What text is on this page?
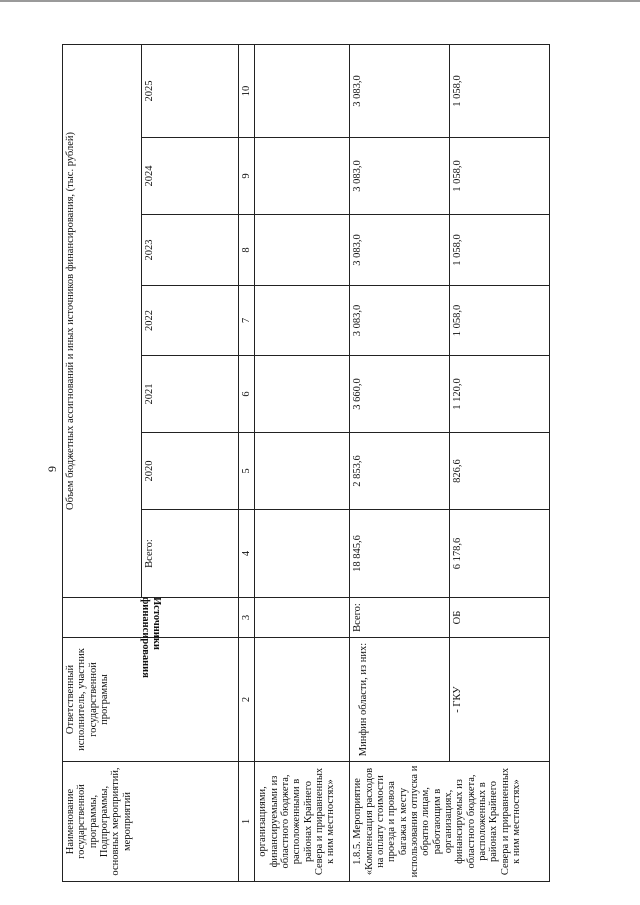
9
Наименование государственной программы, Подпрограммы, основных мероприятий, мероприятий	Ответственный исполнитель, участник государственной программы	Источники финансирования	Объем бюджетных ассигнований и иных источников финансирования, (тыс. рублей)						
			Всего:	2020	2021	2022	2023	2024	2025
1	2	3	4	5	6	7	8	9	10
организациями, финансируемыми из областного бюджета, расположенными в районах Крайнего Севера и приравненных к ним местностях»									
1.8.5. Мероприятие «Компенсация расходов на оплату стоимости проезда и провоза багажа к месту использования отпуска и обратно лицам, работающим в организациях, финансируемых из областного бюджета, расположенных в районах Крайнего Севера и приравненных к ним местностях»	Минфин области, из них:	Всего:	18 845,6	2 853,6	3 660,0	3 083,0	3 083,0	3 083,0	3 083,0
	- ГКУ	ОБ	6 178,6	826,6	1 120,0	1 058,0	1 058,0	1 058,0	1 058,0
